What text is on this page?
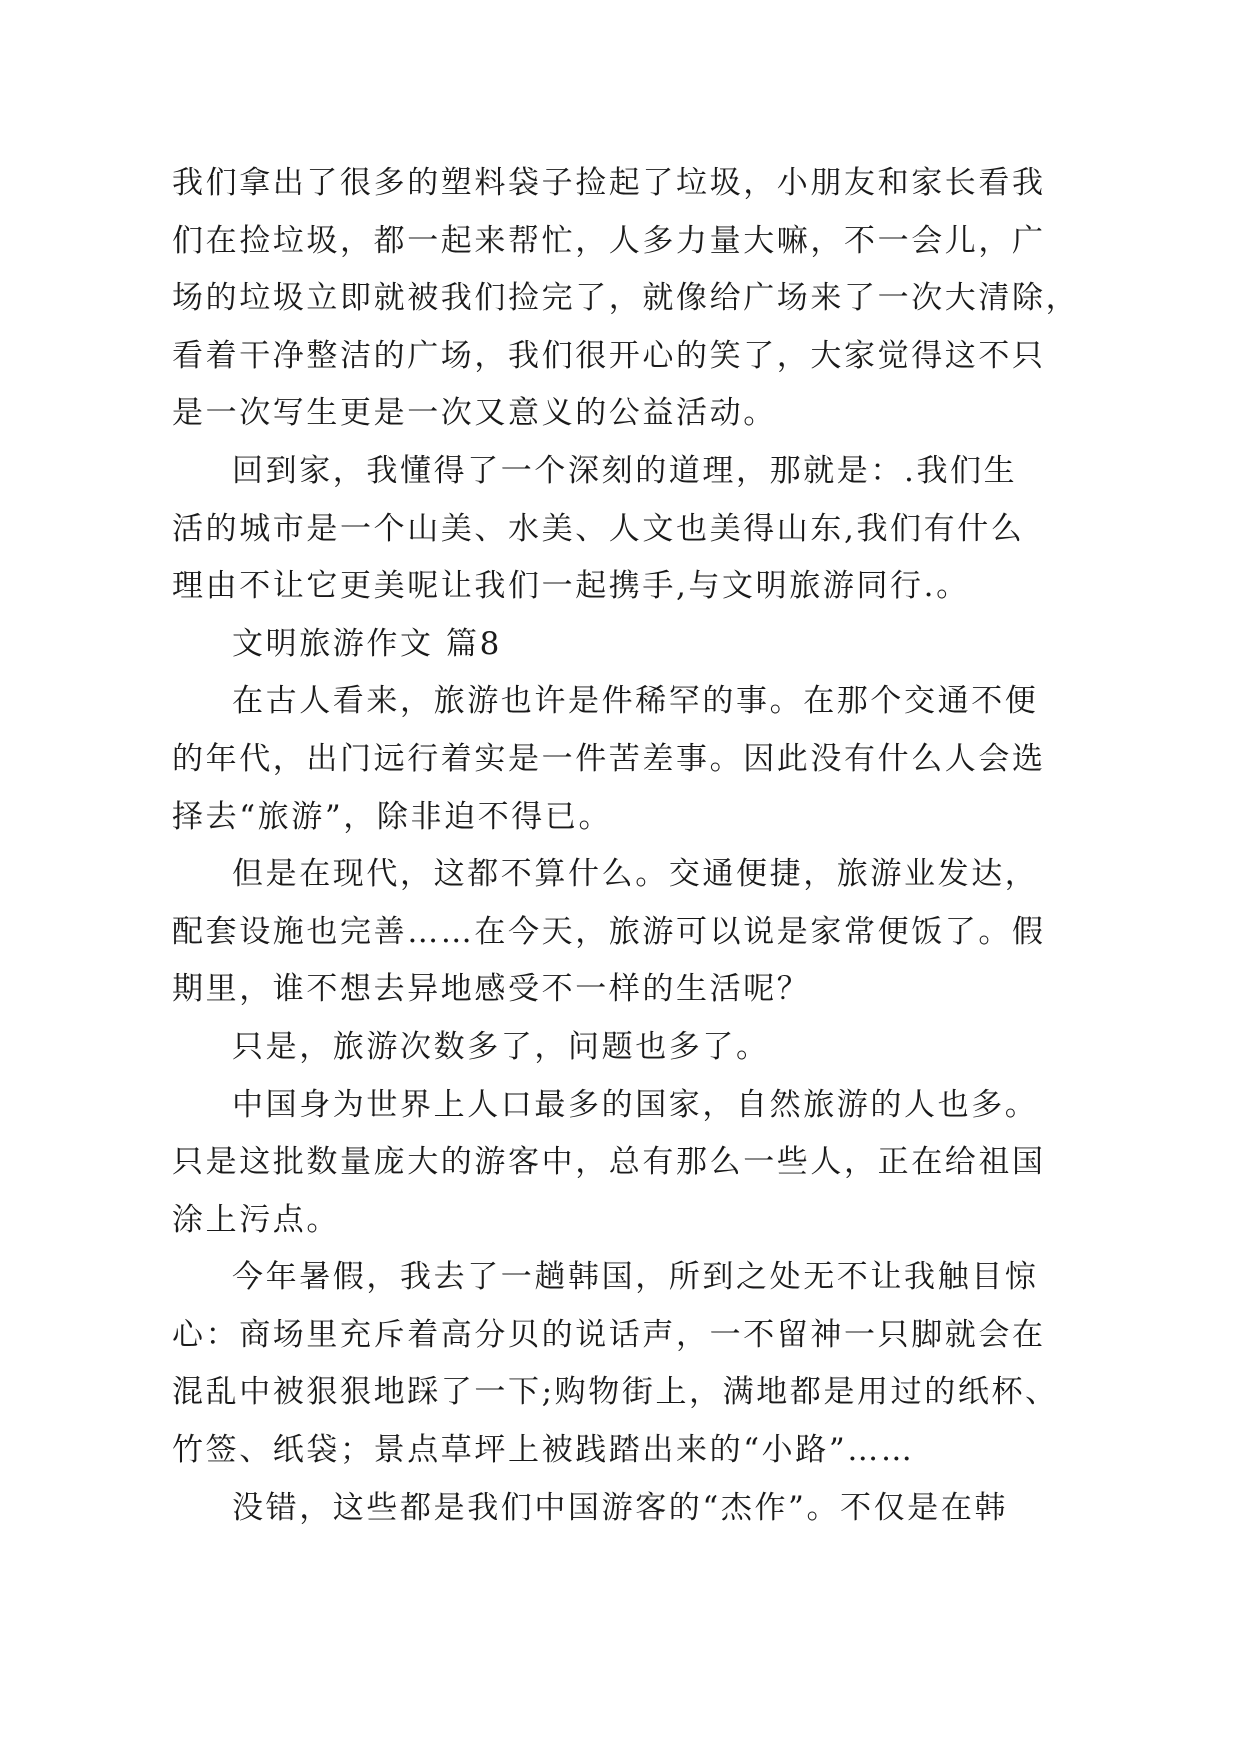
我们拿出了很多的塑料袋子捡起了垃圾，小朋友和家长看我
们在捡垃圾，都一起来帮忙，人多力量大嘛，不一会儿，广
场的垃圾立即就被我们捡完了，就像给广场来了一次大清除，
看着干净整洁的广场，我们很开心的笑了，大家觉得这不只
是一次写生更是一次又意义的公益活动。
回到家，我懂得了一个深刻的道理，那就是：.我们生
活的城市是一个山美、水美、人文也美得山东,我们有什么
理由不让它更美呢让我们一起携手,与文明旅游同行.。
文明旅游作文 篇8
在古人看来，旅游也许是件稀罕的事。在那个交通不便
的年代，出门远行着实是一件苦差事。因此没有什么人会选
择去“旅游”，除非迫不得已。
但是在现代，这都不算什么。交通便捷，旅游业发达，
配套设施也完善……在今天，旅游可以说是家常便饭了。假
期里，谁不想去异地感受不一样的生活呢？
只是，旅游次数多了，问题也多了。
中国身为世界上人口最多的国家，自然旅游的人也多。
只是这批数量庞大的游客中，总有那么一些人，正在给祖国
涂上污点。
今年暑假，我去了一趟韩国，所到之处无不让我触目惊
心：商场里充斥着高分贝的说话声，一不留神一只脚就会在
混乱中被狠狠地踩了一下;购物街上，满地都是用过的纸杯、
竹签、纸袋；景点草坪上被践踏出来的“小路”……
没错，这些都是我们中国游客的“杰作”。不仅是在韩
